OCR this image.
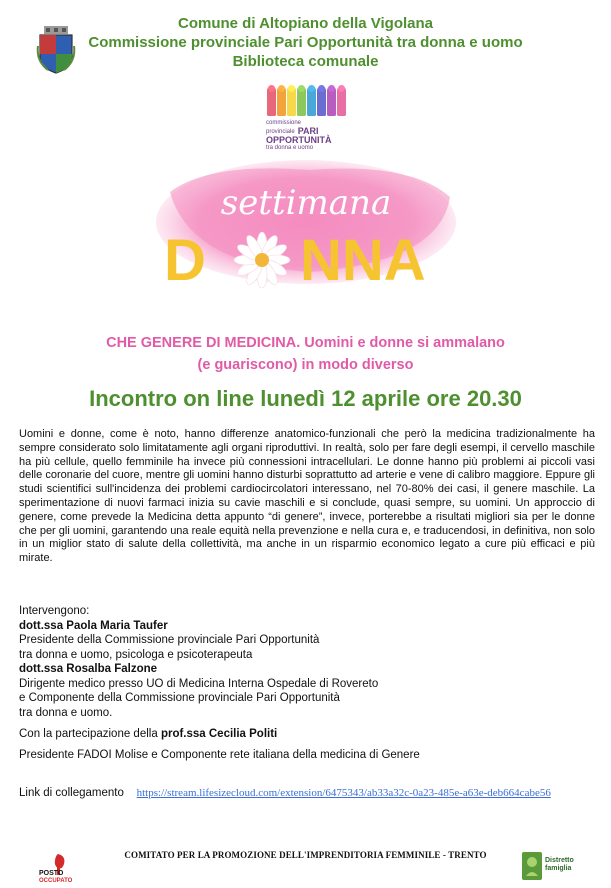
Comune di Altopiano della Vigolana
Commissione provinciale Pari Opportunità tra donna e uomo
Biblioteca comunale
commissione
provinciale PARI
OPPORTUNITÀ
tra donna e uomo
settimana
D NNA
CHE GENERE DI MEDICINA. Uomini e donne si ammalano
(e guariscono) in modo diverso
Incontro on line lunedì 12 aprile ore 20.30
Uomini e donne, come è noto, hanno differenze anatomico-funzionali che però la medicina tradizionalmente ha sempre considerato solo limitatamente agli organi riproduttivi. In realtà, solo per fare degli esempi, il cervello maschile ha più cellule, quello femminile ha invece più connessioni intracellulari. Le donne hanno più problemi ai piccoli vasi delle coronarie del cuore, mentre gli uomini hanno disturbi soprattutto ad arterie e vene di calibro maggiore. Eppure gli studi scientifici sull'incidenza dei problemi cardiocircolatori interessano, nel 70-80% dei casi, il genere maschile. La sperimentazione di nuovi farmaci inizia su cavie maschili e si conclude, quasi sempre, su uomini. Un approccio di genere, come prevede la Medicina detta appunto “di genere”, invece, porterebbe a risultati migliori sia per le donne che per gli uomini, garantendo una reale equità nella prevenzione e nella cura e, e traducendosi, in definitiva, non solo in un miglior stato di salute della collettività, ma anche in un risparmio economico legato a cure più efficaci e più mirate.

Intervengono:

dott.ssa Paola Maria Taufer

Presidente della Commissione provinciale Pari Opportunità

tra donna e uomo, psicologa e psicoterapeuta

dott.ssa Rosalba Falzone

Dirigente medico presso UO di Medicina Interna Ospedale di Rovereto

e Componente della Commissione provinciale Pari Opportunità

tra donna e uomo.

Con la partecipazione della prof.ssa Cecilia Politi

Presidente FADOI Molise e Componente rete italiana della medicina di Genere

Link di collegamento https://stream.lifesizecloud.com/extension/6475343/ab33a32c-0a23-485e-a63e-deb664cabe56
POSTO
OCCUPATO
COMITATO PER LA PROMOZIONE DELL'IMPRENDITORIA FEMMINILE - TRENTO
Distretto
famiglia
